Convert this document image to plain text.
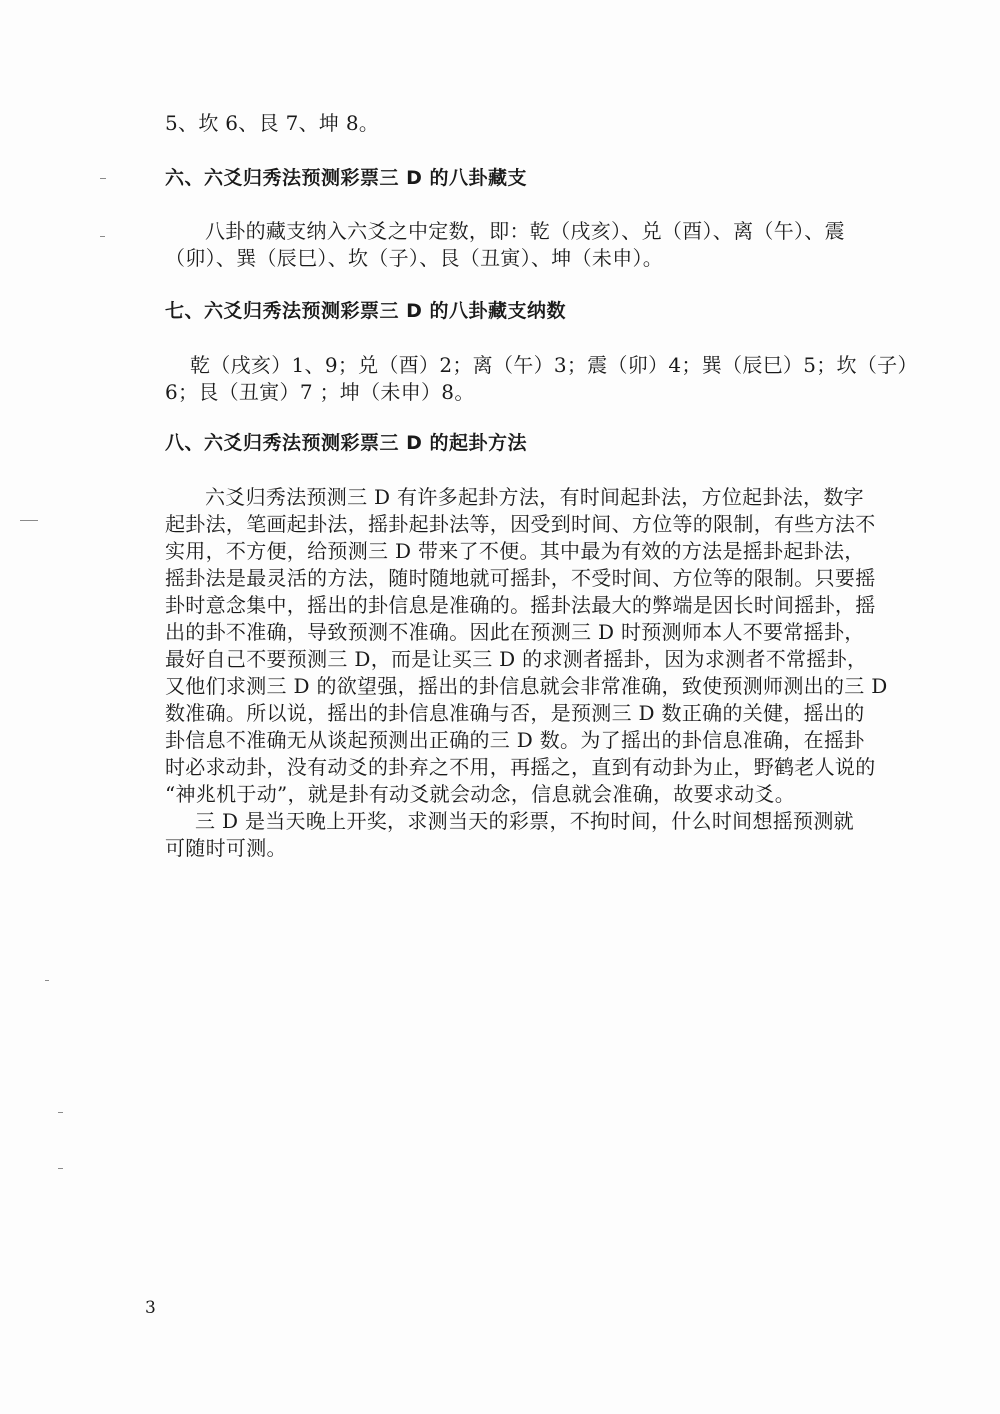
5、坎 6、艮 7、坤 8。
六、六爻归秀法预测彩票三 D 的八卦藏支
八卦的藏支纳入六爻之中定数，即：乾（戌亥）、兑（酉）、离（午）、震
（卯）、巽（辰巳）、坎（子）、艮（丑寅）、坤（未申）。
七、六爻归秀法预测彩票三 D 的八卦藏支纳数
乾（戌亥）1、9；兑（酉）2；离（午）3；震（卯）4；巽（辰巳）5；坎（子）
6；艮（丑寅）7 ；坤（未申）8。
八、六爻归秀法预测彩票三 D 的起卦方法
六爻归秀法预测三 D 有许多起卦方法，有时间起卦法，方位起卦法，数字
起卦法，笔画起卦法，摇卦起卦法等，因受到时间、方位等的限制，有些方法不
实用，不方便，给预测三 D 带来了不便。其中最为有效的方法是摇卦起卦法，
摇卦法是最灵活的方法，随时随地就可摇卦，不受时间、方位等的限制。只要摇
卦时意念集中，摇出的卦信息是准确的。摇卦法最大的弊端是因长时间摇卦，摇
出的卦不准确，导致预测不准确。因此在预测三 D 时预测师本人不要常摇卦，
最好自己不要预测三 D，而是让买三 D 的求测者摇卦，因为求测者不常摇卦，
又他们求测三 D 的欲望强，摇出的卦信息就会非常准确，致使预测师测出的三 D
数准确。所以说，摇出的卦信息准确与否，是预测三 D 数正确的关健，摇出的
卦信息不准确无从谈起预测出正确的三 D 数。为了摇出的卦信息准确，在摇卦
时必求动卦，没有动爻的卦弃之不用，再摇之，直到有动卦为止，野鹤老人说的
“神兆机于动”，就是卦有动爻就会动念，信息就会准确，故要求动爻。
三 D 是当天晚上开奖，求测当天的彩票，不拘时间，什么时间想摇预测就
可随时可测。
3
